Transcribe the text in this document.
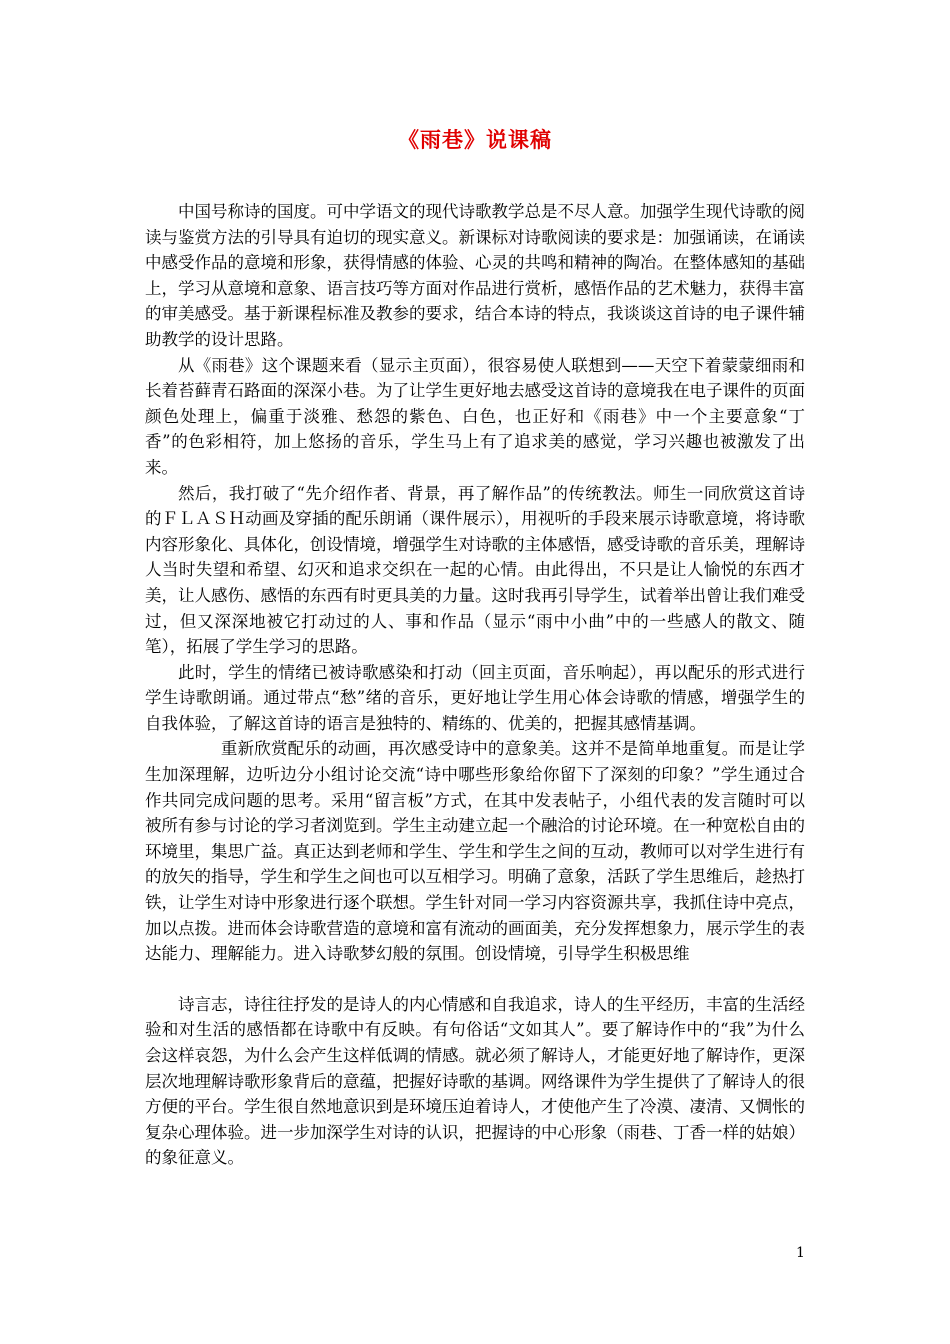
《雨巷》说课稿

中国号称诗的国度。可中学语文的现代诗歌教学总是不尽人意。加强学生现代诗歌的阅读与鉴赏方法的引导具有迫切的现实意义。新课标对诗歌阅读的要求是：加强诵读，在诵读中感受作品的意境和形象，获得情感的体验、心灵的共鸣和精神的陶冶。在整体感知的基础上，学习从意境和意象、语言技巧等方面对作品进行赏析，感悟作品的艺术魅力，获得丰富的审美感受。基于新课程标准及教参的要求，结合本诗的特点，我谈谈这首诗的电子课件辅助教学的设计思路。

从《雨巷》这个课题来看（显示主页面），很容易使人联想到——天空下着蒙蒙细雨和长着苔藓青石路面的深深小巷。为了让学生更好地去感受这首诗的意境我在电子课件的页面颜色处理上，偏重于淡雅、愁怨的紫色、白色，也正好和《雨巷》中一个主要意象“丁香”的色彩相符，加上悠扬的音乐，学生马上有了追求美的感觉，学习兴趣也被激发了出来。

然后，我打破了“先介绍作者、背景，再了解作品”的传统教法。师生一同欣赏这首诗的ＦＬＡＳＨ动画及穿插的配乐朗诵（课件展示），用视听的手段来展示诗歌意境，将诗歌内容形象化、具体化，创设情境，增强学生对诗歌的主体感悟，感受诗歌的音乐美，理解诗人当时失望和希望、幻灭和追求交织在一起的心情。由此得出，不只是让人愉悦的东西才美，让人感伤、感悟的东西有时更具美的力量。这时我再引导学生，试着举出曾让我们难受过，但又深深地被它打动过的人、事和作品（显示“雨中小曲”中的一些感人的散文、随笔），拓展了学生学习的思路。

此时，学生的情绪已被诗歌感染和打动（回主页面，音乐响起），再以配乐的形式进行学生诗歌朗诵。通过带点“愁”绪的音乐，更好地让学生用心体会诗歌的情感，增强学生的自我体验，了解这首诗的语言是独特的、精练的、优美的，把握其感情基调。

重新欣赏配乐的动画，再次感受诗中的意象美。这并不是简单地重复。而是让学生加深理解，边听边分小组讨论交流“诗中哪些形象给你留下了深刻的印象？”学生通过合作共同完成问题的思考。采用“留言板”方式，在其中发表帖子，小组代表的发言随时可以被所有参与讨论的学习者浏览到。学生主动建立起一个融洽的讨论环境。在一种宽松自由的环境里，集思广益。真正达到老师和学生、学生和学生之间的互动，教师可以对学生进行有的放矢的指导，学生和学生之间也可以互相学习。明确了意象，活跃了学生思维后，趁热打铁，让学生对诗中形象进行逐个联想。学生针对同一学习内容资源共享，我抓住诗中亮点，加以点拨。进而体会诗歌营造的意境和富有流动的画面美，充分发挥想象力，展示学生的表达能力、理解能力。进入诗歌梦幻般的氛围。创设情境，引导学生积极思维

诗言志，诗往往抒发的是诗人的内心情感和自我追求，诗人的生平经历，丰富的生活经验和对生活的感悟都在诗歌中有反映。有句俗话“文如其人”。要了解诗作中的“我”为什么会这样哀怨，为什么会产生这样低调的情感。就必须了解诗人，才能更好地了解诗作，更深层次地理解诗歌形象背后的意蕴，把握好诗歌的基调。网络课件为学生提供了了解诗人的很方便的平台。学生很自然地意识到是环境压迫着诗人，才使他产生了冷漠、凄清、又惆怅的复杂心理体验。进一步加深学生对诗的认识，把握诗的中心形象（雨巷、丁香一样的姑娘）的象征意义。

1
